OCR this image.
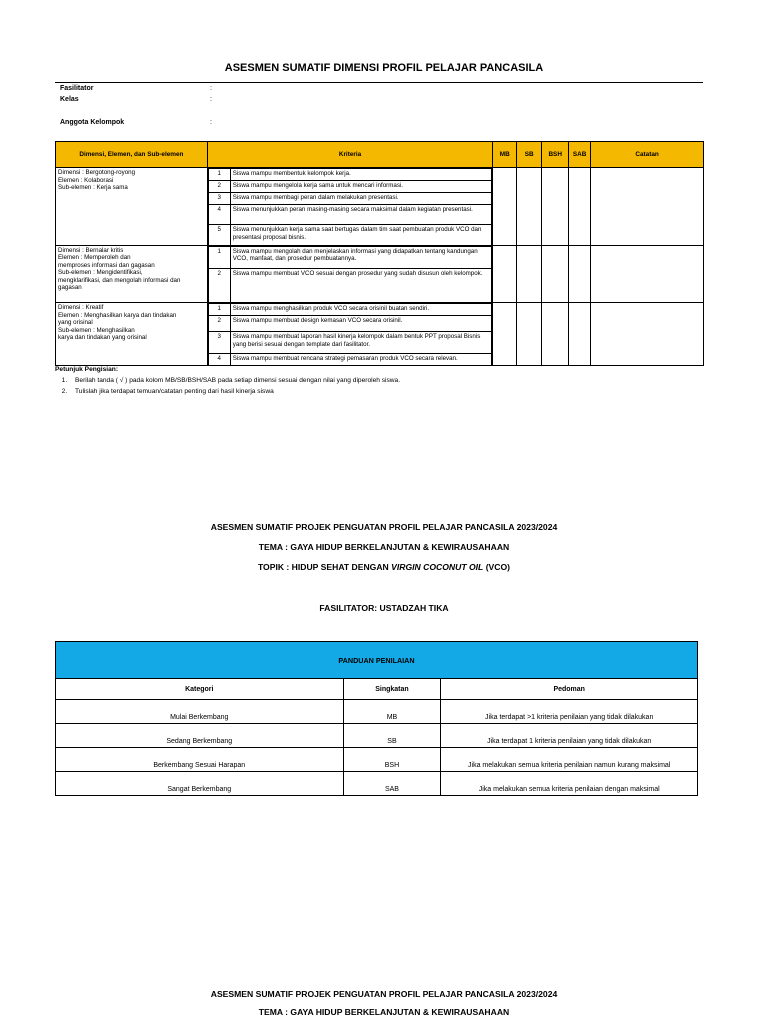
ASESMEN SUMATIF DIMENSI PROFIL PELAJAR PANCASILA
Fasilitator	:
Kelas	:
Anggota Kelompok	:
Dimensi, Elemen, dan Sub-elemen	Kriteria	MB	SB	BSH	SAB	Catatan
Dimensi : Bergotong-royong
Elemen : Kolaborasi
Sub-elemen : Kerja sama	
1	Siswa mampu membentuk kelompok kerja.
2	Siswa mampu mengelola kerja sama untuk mencari informasi.
3	Siswa mampu membagi peran dalam melakukan presentasi.
4	Siswa menunjukkan peran masing-masing secara maksimal dalam kegiatan presentasi.
5	Siswa menunjukkan kerja sama saat bertugas dalam tim saat pembuatan produk VCO dan presentasi proposal bisnis.

Dimensi : Bernalar kritis
Elemen : Memperoleh dan
memproses informasi dan gagasan
Sub-elemen : Mengidentifikasi,
mengklarifikasi, dan mengolah informasi dan
gagasan	
1	Siswa mampu mengolah dan menjelaskan informasi yang didapatkan tentang kandungan VCO, manfaat, dan prosedur pembuatannya.
2	Siswa mampu membuat VCO sesuai dengan prosedur yang sudah disusun oleh kelompok.

Dimensi : Kreatif
Elemen : Menghasilkan karya dan tindakan
yang orisinal
Sub-elemen : Menghasilkan
karya dan tindakan yang orisinal	
1	Siswa mampu menghasilkan produk VCO secara orisinil buatan sendiri.
2	Siswa mampu membuat design kemasan VCO secara orisinil.
3	Siswa mampu membuat laporan hasil kinerja kelompok dalam bentuk PPT proposal Bisnis yang berisi sesuai dengan template dari fasilitator.
4	Siswa mampu membuat rencana strategi pemasaran produk VCO secara relevan.

Petunjuk Pengisian:
1. Berilah tanda ( √ ) pada kolom MB/SB/BSH/SAB pada setiap dimensi sesuai dengan nilai yang diperoleh siswa.
2. Tulislah jika terdapat temuan/catatan penting dari hasil kinerja siswa
ASESMEN SUMATIF PROJEK PENGUATAN PROFIL PELAJAR PANCASILA 2023/2024
TEMA : GAYA HIDUP BERKELANJUTAN & KEWIRAUSAHAAN
TOPIK : HIDUP SEHAT DENGAN VIRGIN COCONUT OIL (VCO)
FASILITATOR: USTADZAH TIKA
PANDUAN PENILAIAN		
Kategori	Singkatan	Pedoman
Mulai Berkembang	MB	Jika terdapat >1 kriteria penilaian yang tidak dilakukan
Sedang Berkembang	SB	Jika terdapat 1 kriteria penilaian yang tidak dilakukan
Berkembang Sesuai Harapan	BSH	Jika melakukan semua kriteria penilaian namun kurang maksimal
Sangat Berkembang	SAB	Jika melakukan semua kriteria penilaian dengan maksimal
ASESMEN SUMATIF PROJEK PENGUATAN PROFIL PELAJAR PANCASILA 2023/2024
TEMA : GAYA HIDUP BERKELANJUTAN & KEWIRAUSAHAAN
